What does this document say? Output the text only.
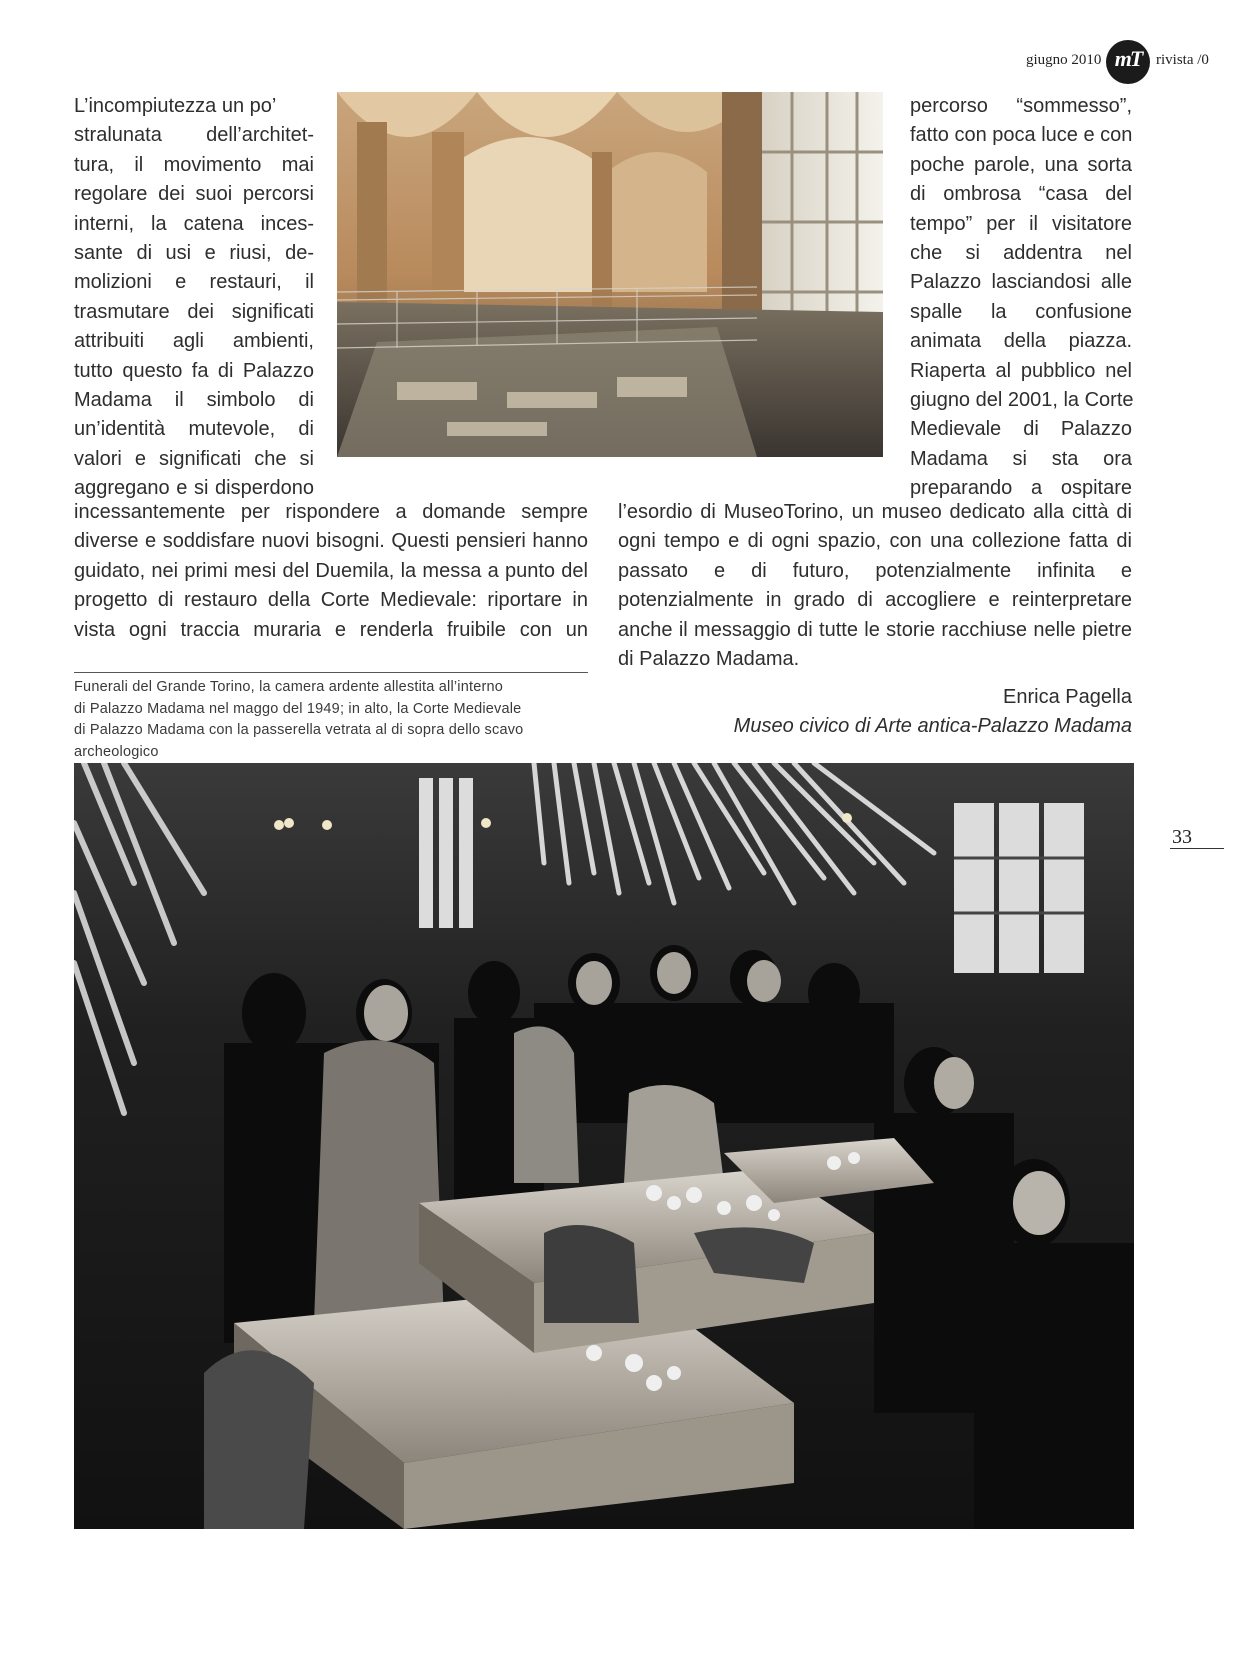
giugno 2010 mT rivista /0
L’incompiutezza un po’
stralunata dell’architet-
tura, il movimento mai
regolare dei suoi percorsi
interni, la catena inces-
sante di usi e riusi, de-
molizioni e restauri, il
trasmutare dei significati
attribuiti agli ambienti,
tutto questo fa di Palazzo
Madama il simbolo di
un’identità mutevole, di
valori e significati che si
aggregano e si disperdono
percorso “sommesso”,
fatto con poca luce e con
poche parole, una sorta
di ombrosa “casa del
tempo” per il visitatore
che si addentra nel
Palazzo lasciandosi alle
spalle la confusione
animata della piazza.
Riaperta al pubblico nel
giugno del 2001, la Corte
Medievale di Palazzo
Madama si sta ora
preparando a ospitare
incessantemente per rispondere a domande sempre
diverse e soddisfare nuovi bisogni. Questi pensieri hanno
guidato, nei primi mesi del Duemila, la messa a punto del
progetto di restauro della Corte Medievale: riportare in
vista ogni traccia muraria e renderla fruibile con un
l’esordio di MuseoTorino, un museo dedicato alla città di
ogni tempo e di ogni spazio, con una collezione fatta di
passato e di futuro, potenzialmente infinita e
potenzialmente in grado di accogliere e reinterpretare
anche il messaggio di tutte le storie racchiuse nelle pietre
di Palazzo Madama.
Enrica Pagella
Museo civico di Arte antica-Palazzo Madama
Funerali del Grande Torino, la camera ardente allestita all’interno
di Palazzo Madama nel maggo del 1949; in alto, la Corte Medievale
di Palazzo Madama con la passerella vetrata al di sopra dello scavo
archeologico
33
